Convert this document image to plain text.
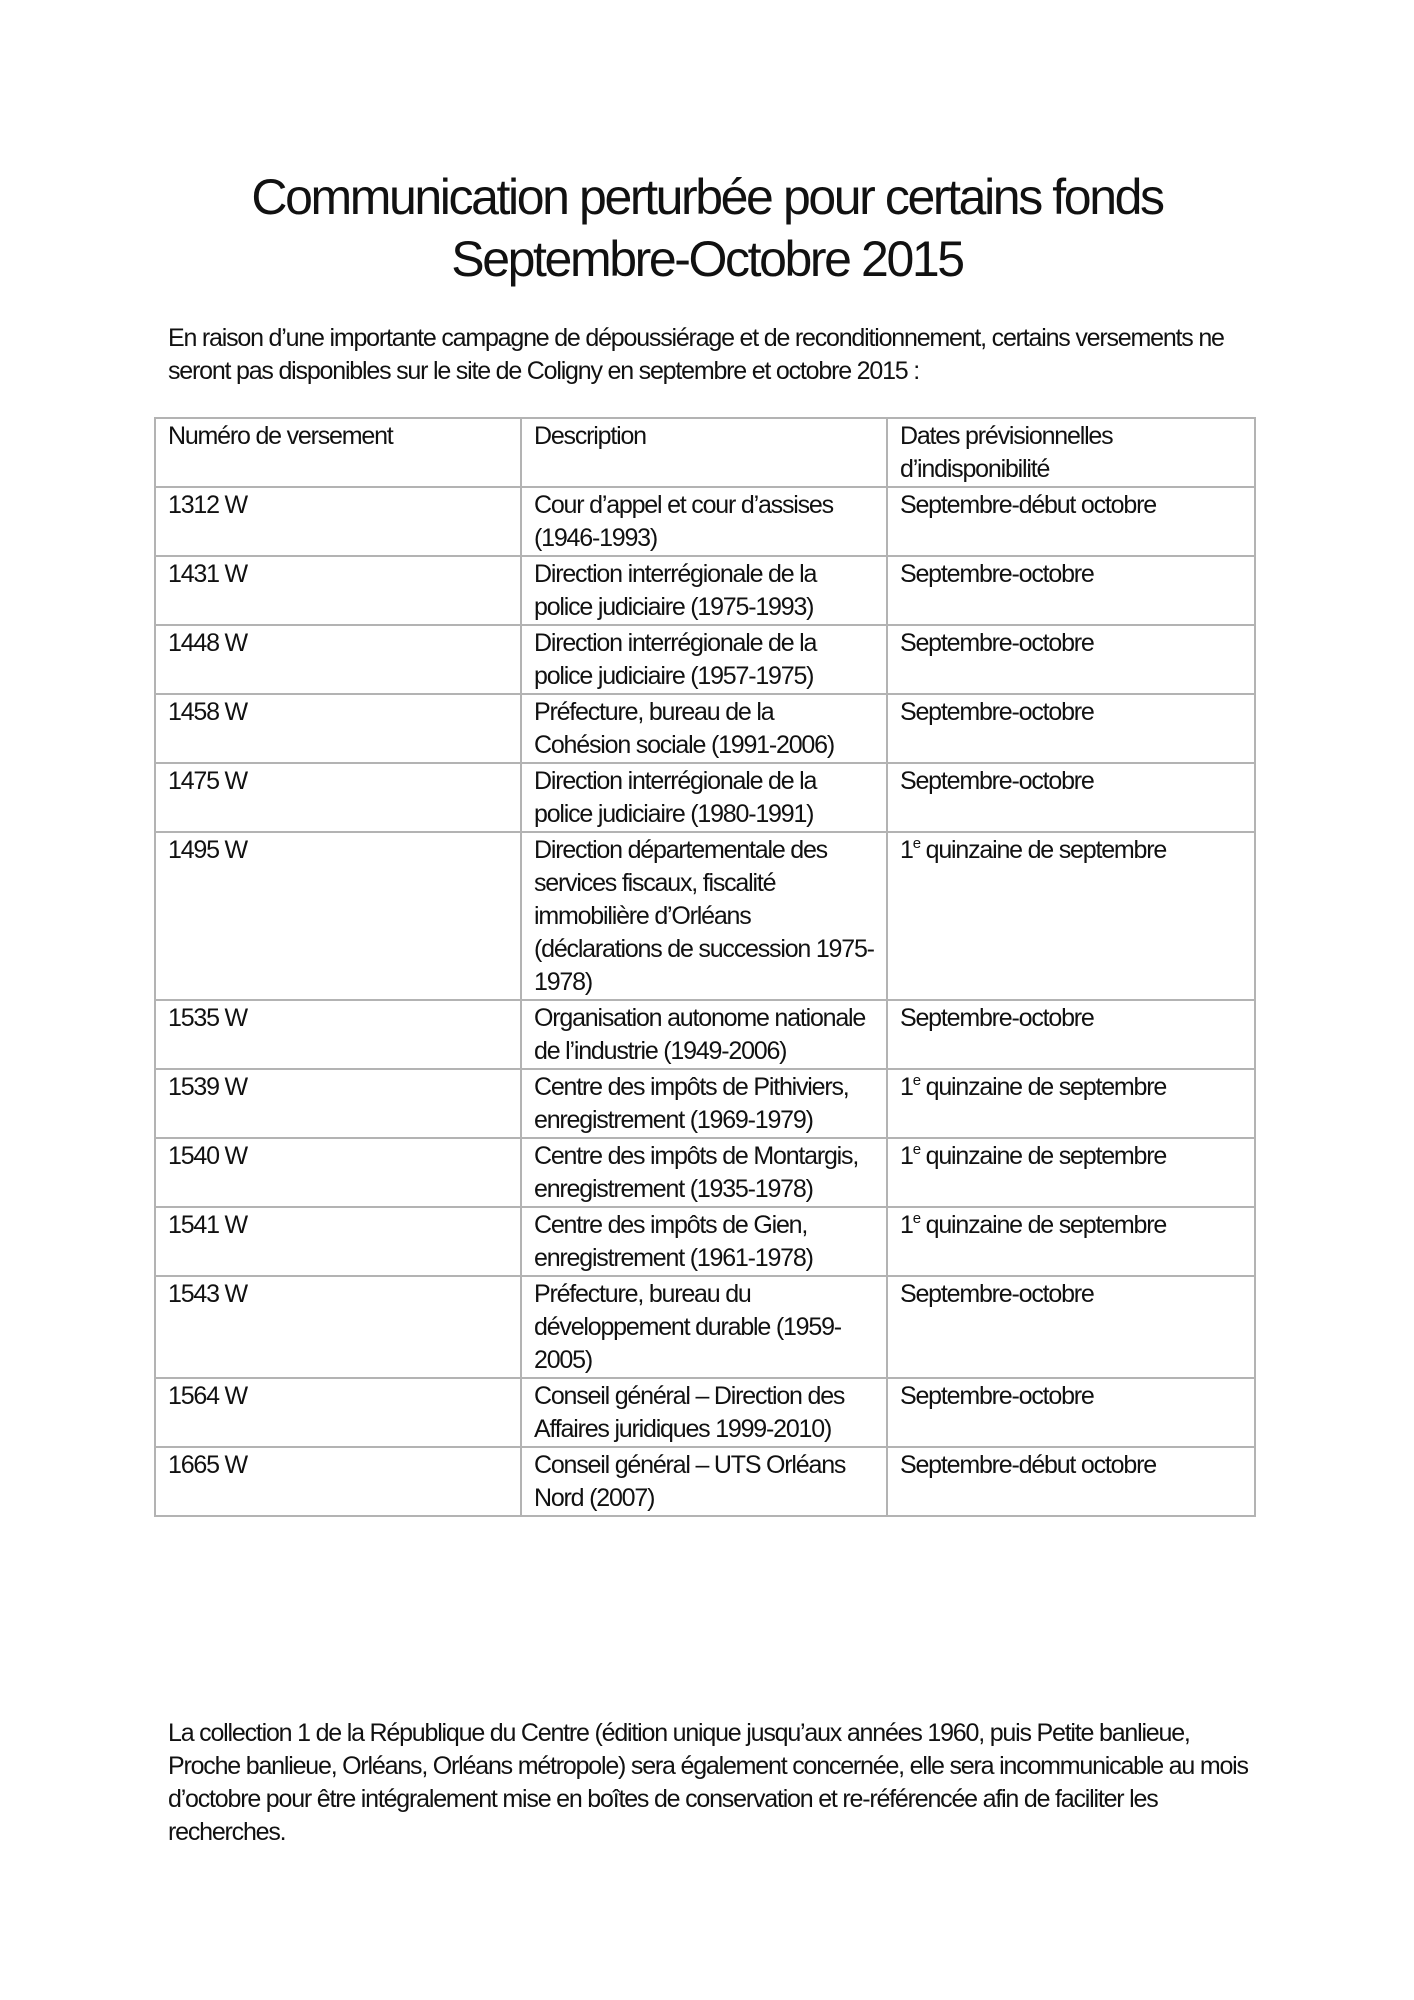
Communication perturbée pour certains fonds
Septembre-Octobre 2015

En raison d’une importante campagne de dépoussiérage et de reconditionnement, certains versements ne seront pas disponibles sur le site de Coligny en septembre et octobre 2015 :

Numéro de versement	Description	Dates prévisionnelles d’indisponibilité
1312 W	Cour d’appel et cour d’assises (1946-1993)	Septembre-début octobre
1431 W	Direction interrégionale de la police judiciaire (1975-1993)	Septembre-octobre
1448 W	Direction interrégionale de la police judiciaire (1957-1975)	Septembre-octobre
1458 W	Préfecture, bureau de la Cohésion sociale (1991-2006)	Septembre-octobre
1475 W	Direction interrégionale de la police judiciaire (1980-1991)	Septembre-octobre
1495 W	Direction départementale des services fiscaux, fiscalité immobilière d’Orléans (déclarations de succession 1975-1978)	1e quinzaine de septembre
1535 W	Organisation autonome nationale de l’industrie (1949-2006)	Septembre-octobre
1539 W	Centre des impôts de Pithiviers, enregistrement (1969-1979)	1e quinzaine de septembre
1540 W	Centre des impôts de Montargis, enregistrement (1935-1978)	1e quinzaine de septembre
1541 W	Centre des impôts de Gien, enregistrement (1961-1978)	1e quinzaine de septembre
1543 W	Préfecture, bureau du développement durable (1959-2005)	Septembre-octobre
1564 W	Conseil général – Direction des Affaires juridiques 1999-2010)	Septembre-octobre
1665 W	Conseil général – UTS Orléans Nord (2007)	Septembre-début octobre

La collection 1 de la République du Centre (édition unique jusqu’aux années 1960, puis Petite banlieue, Proche banlieue, Orléans, Orléans métropole) sera également concernée, elle sera incommunicable au mois d’octobre pour être intégralement mise en boîtes de conservation et re-référencée afin de faciliter les recherches.
